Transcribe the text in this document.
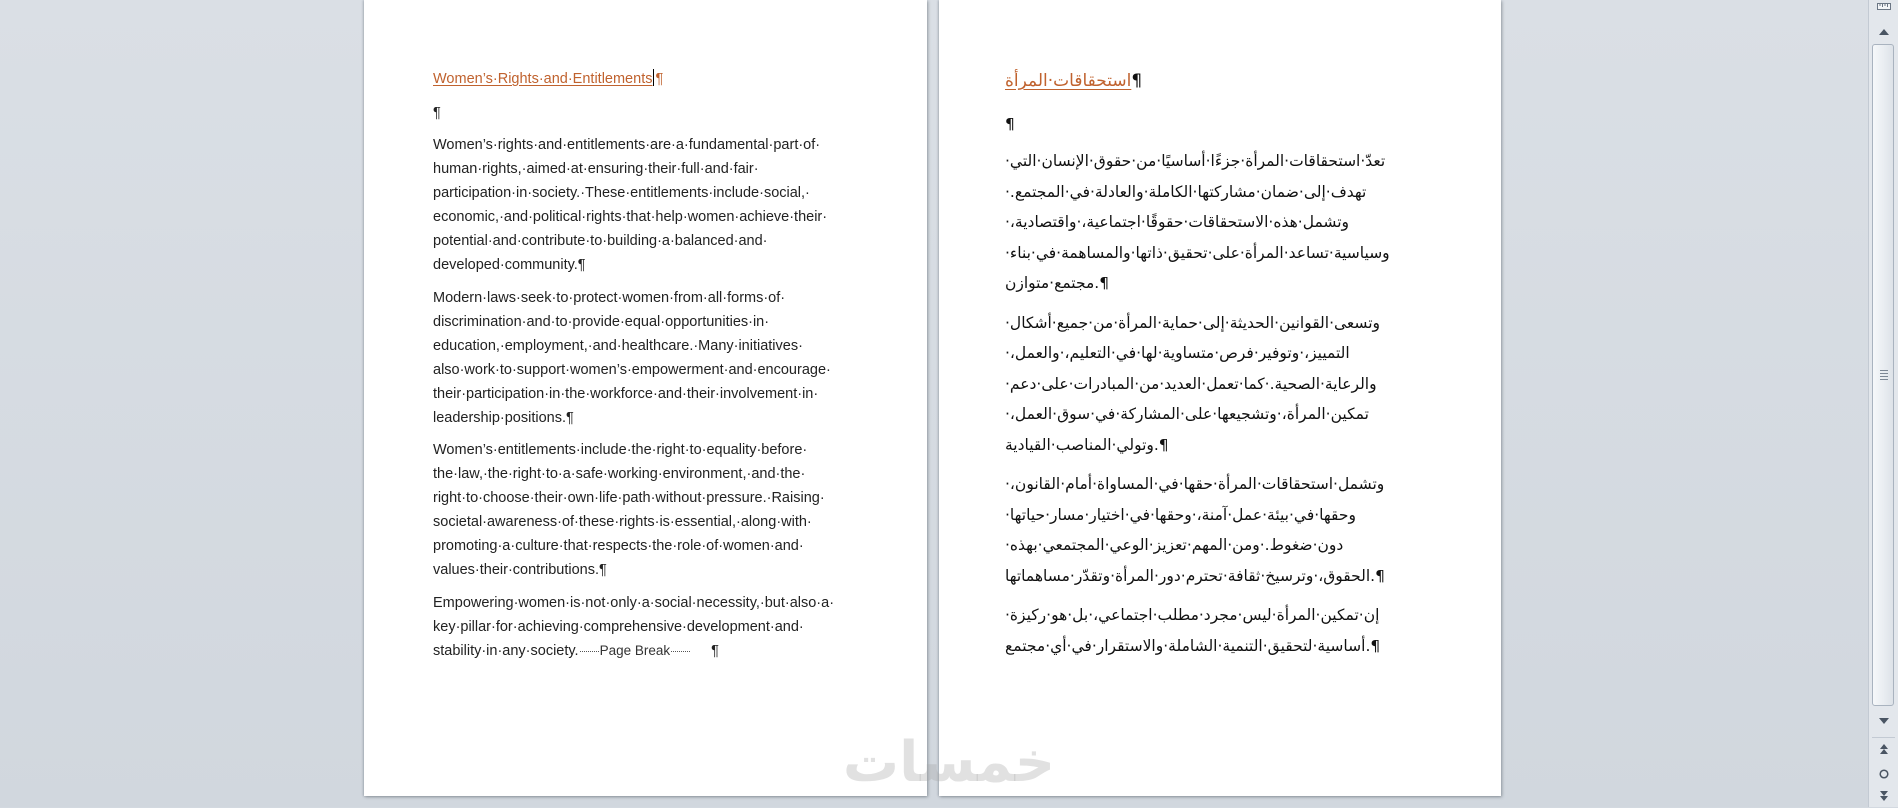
Women’s·Rights·and·Entitlements ¶
¶
Women’s·rights·and·entitlements·are·a·fundamental·part·of·
human·rights,·aimed·at·ensuring·their·full·and·fair·
participation·in·society.·These·entitlements·include·social,·
economic,·and·political·rights·that·help·women·achieve·their·
potential·and·contribute·to·building·a·balanced·and·
developed·community.¶
Modern·laws·seek·to·protect·women·from·all·forms·of·
discrimination·and·to·provide·equal·opportunities·in·
education,·employment,·and·healthcare.·Many·initiatives·
also·work·to·support·women’s·empowerment·and·encourage·
their·participation·in·the·workforce·and·their·involvement·in·
leadership·positions.¶
Women’s·entitlements·include·the·right·to·equality·before·
the·law,·the·right·to·a·safe·working·environment,·and·the·
right·to·choose·their·own·life·path·without·pressure.·Raising·
societal·awareness·of·these·rights·is·essential,·along·with·
promoting·a·culture·that·respects·the·role·of·women·and·
values·their·contributions.¶
Empowering·women·is·not·only·a·social·necessity,·but·also·a·
key·pillar·for·achieving·comprehensive·development·and·
stability·in·any·society. Page Break	¶
استحقاقات·المرأة¶
¶
تعدّ·استحقاقات·المرأة·جزءًا·أساسيًا·من·حقوق·الإنسان·التي·
تهدف·إلى·ضمان·مشاركتها·الكاملة·والعادلة·في·المجتمع.·
وتشمل·هذه·الاستحقاقات·حقوقًا·اجتماعية،·واقتصادية،·
وسياسية·تساعد·المرأة·على·تحقيق·ذاتها·والمساهمة·في·بناء·
مجتمع·متوازن.¶
وتسعى·القوانين·الحديثة·إلى·حماية·المرأة·من·جميع·أشكال·
التمييز،·وتوفير·فرص·متساوية·لها·في·التعليم،·والعمل،·
والرعاية·الصحية.·كما·تعمل·العديد·من·المبادرات·على·دعم·
تمكين·المرأة،·وتشجيعها·على·المشاركة·في·سوق·العمل،·
وتولي·المناصب·القيادية.¶
وتشمل·استحقاقات·المرأة·حقها·في·المساواة·أمام·القانون،·
وحقها·في·بيئة·عمل·آمنة،·وحقها·في·اختيار·مسار·حياتها·
دون·ضغوط.·ومن·المهم·تعزيز·الوعي·المجتمعي·بهذه·
الحقوق،·وترسيخ·ثقافة·تحترم·دور·المرأة·وتقدّر·مساهماتها.¶
إن·تمكين·المرأة·ليس·مجرد·مطلب·اجتماعي،·بل·هو·ركيزة·
أساسية·لتحقيق·التنمية·الشاملة·والاستقرار·في·أي·مجتمع.¶
خمسات
